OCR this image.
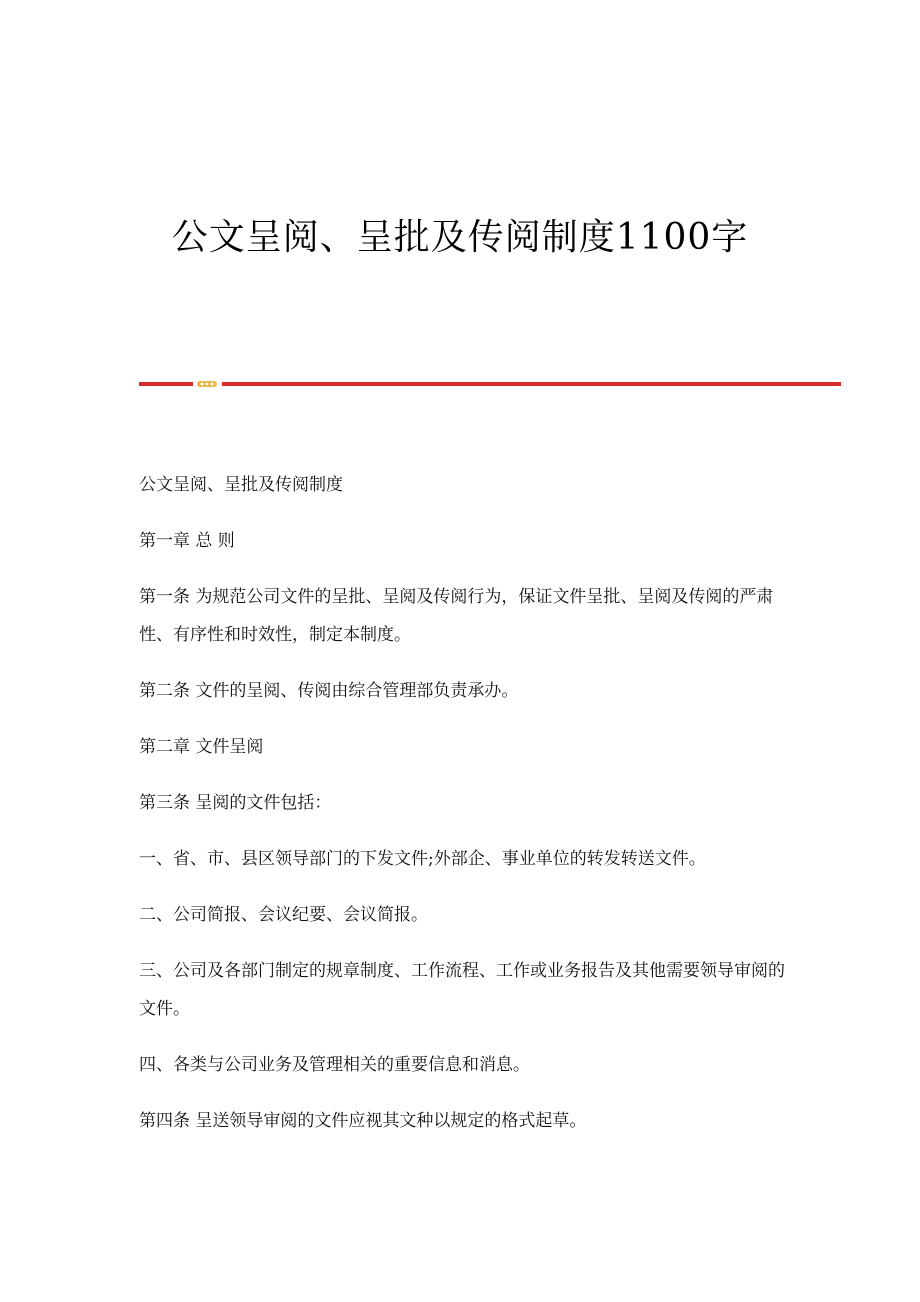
公文呈阅、呈批及传阅制度1100字

公文呈阅、呈批及传阅制度

第一章 总 则

第一条 为规范公司文件的呈批、呈阅及传阅行为，保证文件呈批、呈阅及传阅的严肃性、有序性和时效性，制定本制度。

第二条 文件的呈阅、传阅由综合管理部负责承办。

第二章 文件呈阅

第三条 呈阅的文件包括：

一、省、市、县区领导部门的下发文件;外部企、事业单位的转发转送文件。

二、公司简报、会议纪要、会议简报。

三、公司及各部门制定的规章制度、工作流程、工作或业务报告及其他需要领导审阅的文件。

四、各类与公司业务及管理相关的重要信息和消息。

第四条 呈送领导审阅的文件应视其文种以规定的格式起草。
